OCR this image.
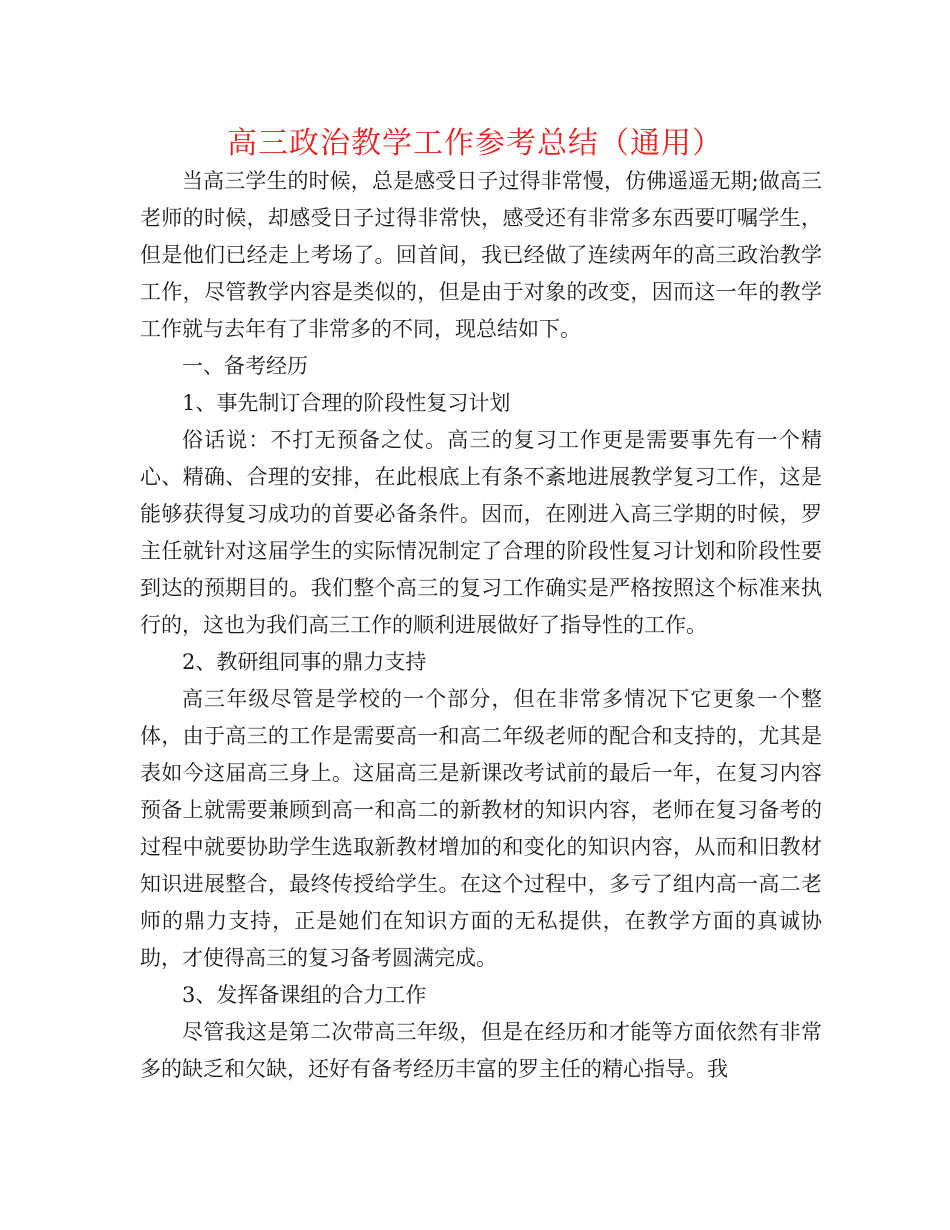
高三政治教学工作参考总结（通用）

当高三学生的时候，总是感受日子过得非常慢，仿佛遥遥无期;做高三老师的时候，却感受日子过得非常快，感受还有非常多东西要叮嘱学生，但是他们已经走上考场了。回首间，我已经做了连续两年的高三政治教学工作，尽管教学内容是类似的，但是由于对象的改变，因而这一年的教学工作就与去年有了非常多的不同，现总结如下。

一、备考经历

1、事先制订合理的阶段性复习计划

俗话说：不打无预备之仗。高三的复习工作更是需要事先有一个精心、精确、合理的安排，在此根底上有条不紊地进展教学复习工作，这是能够获得复习成功的首要必备条件。因而，在刚进入高三学期的时候，罗主任就针对这届学生的实际情况制定了合理的阶段性复习计划和阶段性要到达的预期目的。我们整个高三的复习工作确实是严格按照这个标准来执行的，这也为我们高三工作的顺利进展做好了指导性的工作。

2、教研组同事的鼎力支持

高三年级尽管是学校的一个部分，但在非常多情况下它更象一个整体，由于高三的工作是需要高一和高二年级老师的配合和支持的，尤其是表如今这届高三身上。这届高三是新课改考试前的最后一年，在复习内容预备上就需要兼顾到高一和高二的新教材的知识内容，老师在复习备考的过程中就要协助学生选取新教材增加的和变化的知识内容，从而和旧教材知识进展整合，最终传授给学生。在这个过程中，多亏了组内高一高二老师的鼎力支持，正是她们在知识方面的无私提供，在教学方面的真诚协助，才使得高三的复习备考圆满完成。

3、发挥备课组的合力工作

尽管我这是第二次带高三年级，但是在经历和才能等方面依然有非常多的缺乏和欠缺，还好有备考经历丰富的罗主任的精心指导。我
